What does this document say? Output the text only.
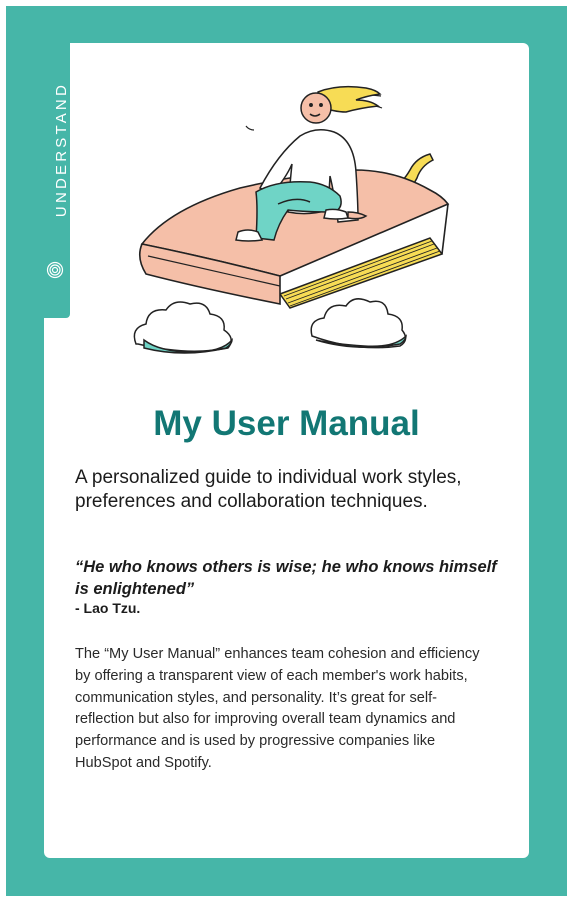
UNDERSTAND
My User Manual
A personalized guide to individual work styles, preferences and collaboration techniques.

“He who knows others is wise; he who knows himself is enlightened”

- Lao Tzu.

The “My User Manual” enhances team cohesion and efficiency by offering a transparent view of each member's work habits, communication styles, and personality. It’s great for self-reflection but also for improving overall team dynamics and performance and is used by progressive companies like HubSpot and Spotify.
